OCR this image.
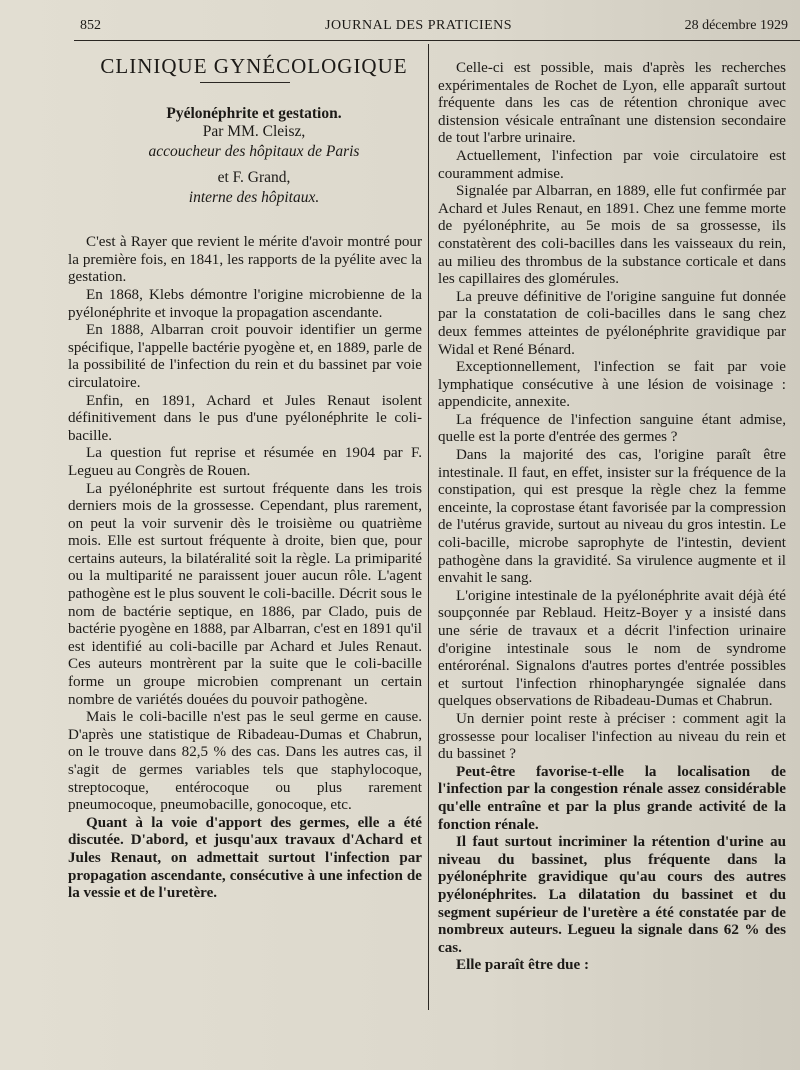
852	JOURNAL DES PRATICIENS	28 décembre 1929

CLINIQUE GYNÉCOLOGIQUE

Pyélonéphrite et gestation.

Par MM. Cleisz,

accoucheur des hôpitaux de Paris

et F. Grand,

interne des hôpitaux.

C'est à Rayer que revient le mérite d'avoir montré pour la première fois, en 1841, les rapports de la pyélite avec la gestation.

En 1868, Klebs démontre l'origine microbienne de la pyélonéphrite et invoque la propagation ascendante.

En 1888, Albarran croit pouvoir identifier un germe spécifique, l'appelle bactérie pyogène et, en 1889, parle de la possibilité de l'infection du rein et du bassinet par voie circulatoire.

Enfin, en 1891, Achard et Jules Renaut isolent définitivement dans le pus d'une pyélonéphrite le coli-bacille.

La question fut reprise et résumée en 1904 par F. Legueu au Congrès de Rouen.

La pyélonéphrite est surtout fréquente dans les trois derniers mois de la grossesse. Cependant, plus rarement, on peut la voir survenir dès le troisième ou quatrième mois. Elle est surtout fréquente à droite, bien que, pour certains auteurs, la bilatéralité soit la règle. La primiparité ou la multiparité ne paraissent jouer aucun rôle. L'agent pathogène est le plus souvent le coli-bacille. Décrit sous le nom de bactérie septique, en 1886, par Clado, puis de bactérie pyogène en 1888, par Albarran, c'est en 1891 qu'il est identifié au coli-bacille par Achard et Jules Renaut. Ces auteurs montrèrent par la suite que le coli-bacille forme un groupe microbien comprenant un certain nombre de variétés douées du pouvoir pathogène.

Mais le coli-bacille n'est pas le seul germe en cause. D'après une statistique de Ribadeau-Dumas et Chabrun, on le trouve dans 82,5 % des cas. Dans les autres cas, il s'agit de germes variables tels que staphylocoque, streptocoque, entérocoque ou plus rarement pneumocoque, pneumobacille, gonocoque, etc.

Quant à la voie d'apport des germes, elle a été discutée. D'abord, et jusqu'aux travaux d'Achard et Jules Renaut, on admettait surtout l'infection par propagation ascendante, consécutive à une infection de la vessie et de l'uretère.

Celle-ci est possible, mais d'après les recherches expérimentales de Rochet de Lyon, elle apparaît surtout fréquente dans les cas de rétention chronique avec distension vésicale entraînant une distension secondaire de tout l'arbre urinaire.

Actuellement, l'infection par voie circulatoire est couramment admise.

Signalée par Albarran, en 1889, elle fut confirmée par Achard et Jules Renaut, en 1891. Chez une femme morte de pyélonéphrite, au 5e mois de sa grossesse, ils constatèrent des coli-bacilles dans les vaisseaux du rein, au milieu des thrombus de la substance corticale et dans les capillaires des glomérules.

La preuve définitive de l'origine sanguine fut donnée par la constatation de coli-bacilles dans le sang chez deux femmes atteintes de pyélonéphrite gravidique par Widal et René Bénard.

Exceptionnellement, l'infection se fait par voie lymphatique consécutive à une lésion de voisinage : appendicite, annexite.

La fréquence de l'infection sanguine étant admise, quelle est la porte d'entrée des germes ?

Dans la majorité des cas, l'origine paraît être intestinale. Il faut, en effet, insister sur la fréquence de la constipation, qui est presque la règle chez la femme enceinte, la coprostase étant favorisée par la compression de l'utérus gravide, surtout au niveau du gros intestin. Le coli-bacille, microbe saprophyte de l'intestin, devient pathogène dans la gravidité. Sa virulence augmente et il envahit le sang.

L'origine intestinale de la pyélonéphrite avait déjà été soupçonnée par Reblaud. Heitz-Boyer y a insisté dans une série de travaux et a décrit l'infection urinaire d'origine intestinale sous le nom de syndrome entérorénal. Signalons d'autres portes d'entrée possibles et surtout l'infection rhinopharyngée signalée dans quelques observations de Ribadeau-Dumas et Chabrun.

Un dernier point reste à préciser : comment agit la grossesse pour localiser l'infection au niveau du rein et du bassinet ?

Peut-être favorise-t-elle la localisation de l'infection par la congestion rénale assez considérable qu'elle entraîne et par la plus grande activité de la fonction rénale.

Il faut surtout incriminer la rétention d'urine au niveau du bassinet, plus fréquente dans la pyélonéphrite gravidique qu'au cours des autres pyélonéphrites. La dilatation du bassinet et du segment supérieur de l'uretère a été constatée par de nombreux auteurs. Legueu la signale dans 62 % des cas.

Elle paraît être due :
